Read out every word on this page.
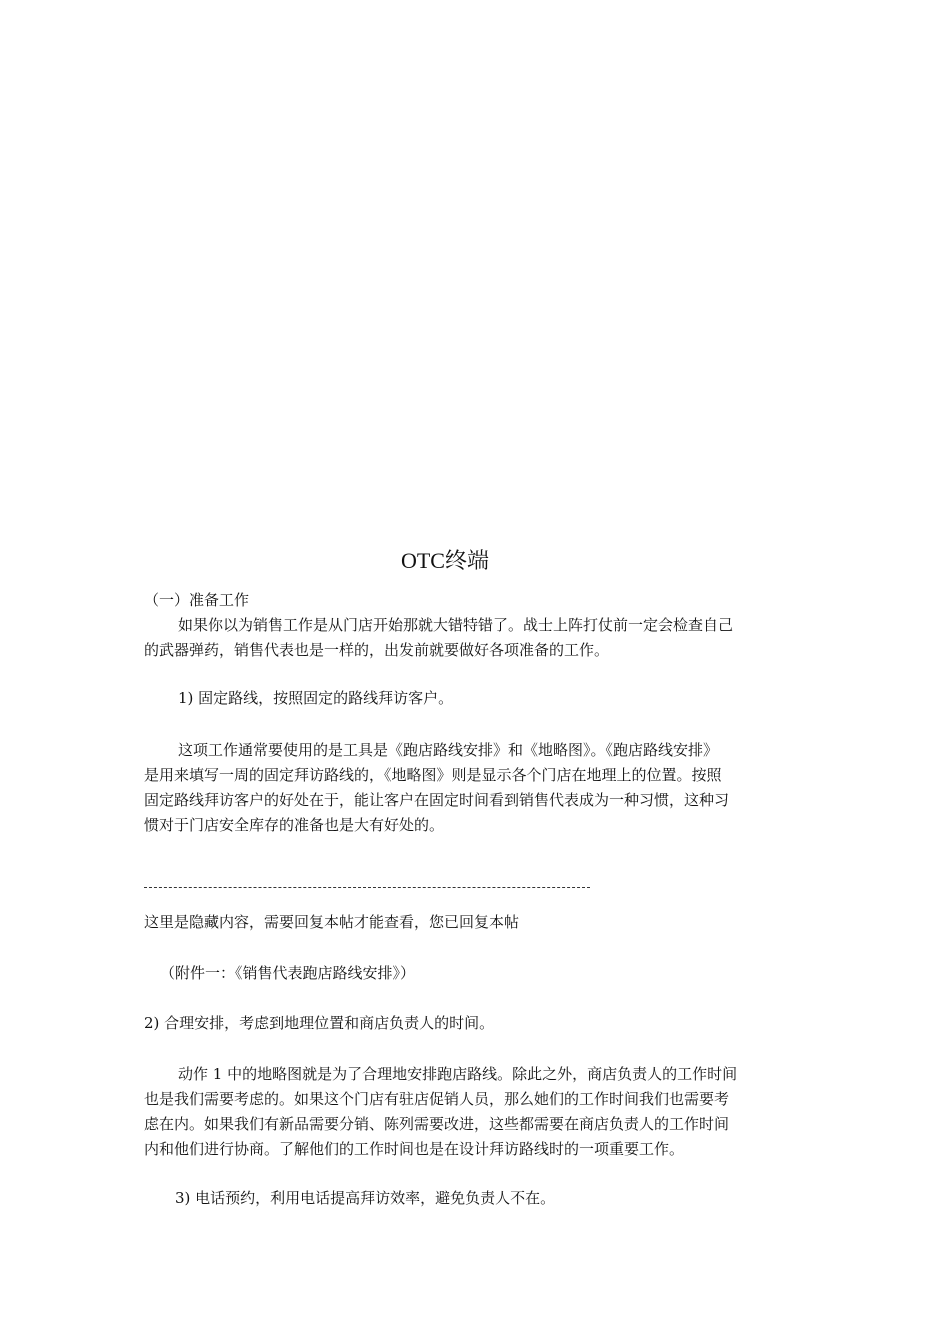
OTC终端
（一）准备工作
如果你以为销售工作是从门店开始那就大错特错了。战士上阵打仗前一定会检查自己
的武器弹药，销售代表也是一样的，出发前就要做好各项准备的工作。
1) 固定路线，按照固定的路线拜访客户。
这项工作通常要使用的是工具是《跑店路线安排》和《地略图》。《跑店路线安排》
是用来填写一周的固定拜访路线的，《地略图》则是显示各个门店在地理上的位置。按照
固定路线拜访客户的好处在于，能让客户在固定时间看到销售代表成为一种习惯，这种习
惯对于门店安全库存的准备也是大有好处的。
这里是隐藏内容，需要回复本帖才能查看，您已回复本帖
（附件一：《销售代表跑店路线安排》）
2) 合理安排，考虑到地理位置和商店负责人的时间。
动作 1 中的地略图就是为了合理地安排跑店路线。除此之外，商店负责人的工作时间
也是我们需要考虑的。如果这个门店有驻店促销人员，那么她们的工作时间我们也需要考
虑在内。如果我们有新品需要分销、陈列需要改进，这些都需要在商店负责人的工作时间
内和他们进行协商。了解他们的工作时间也是在设计拜访路线时的一项重要工作。
3) 电话预约，利用电话提高拜访效率，避免负责人不在。
